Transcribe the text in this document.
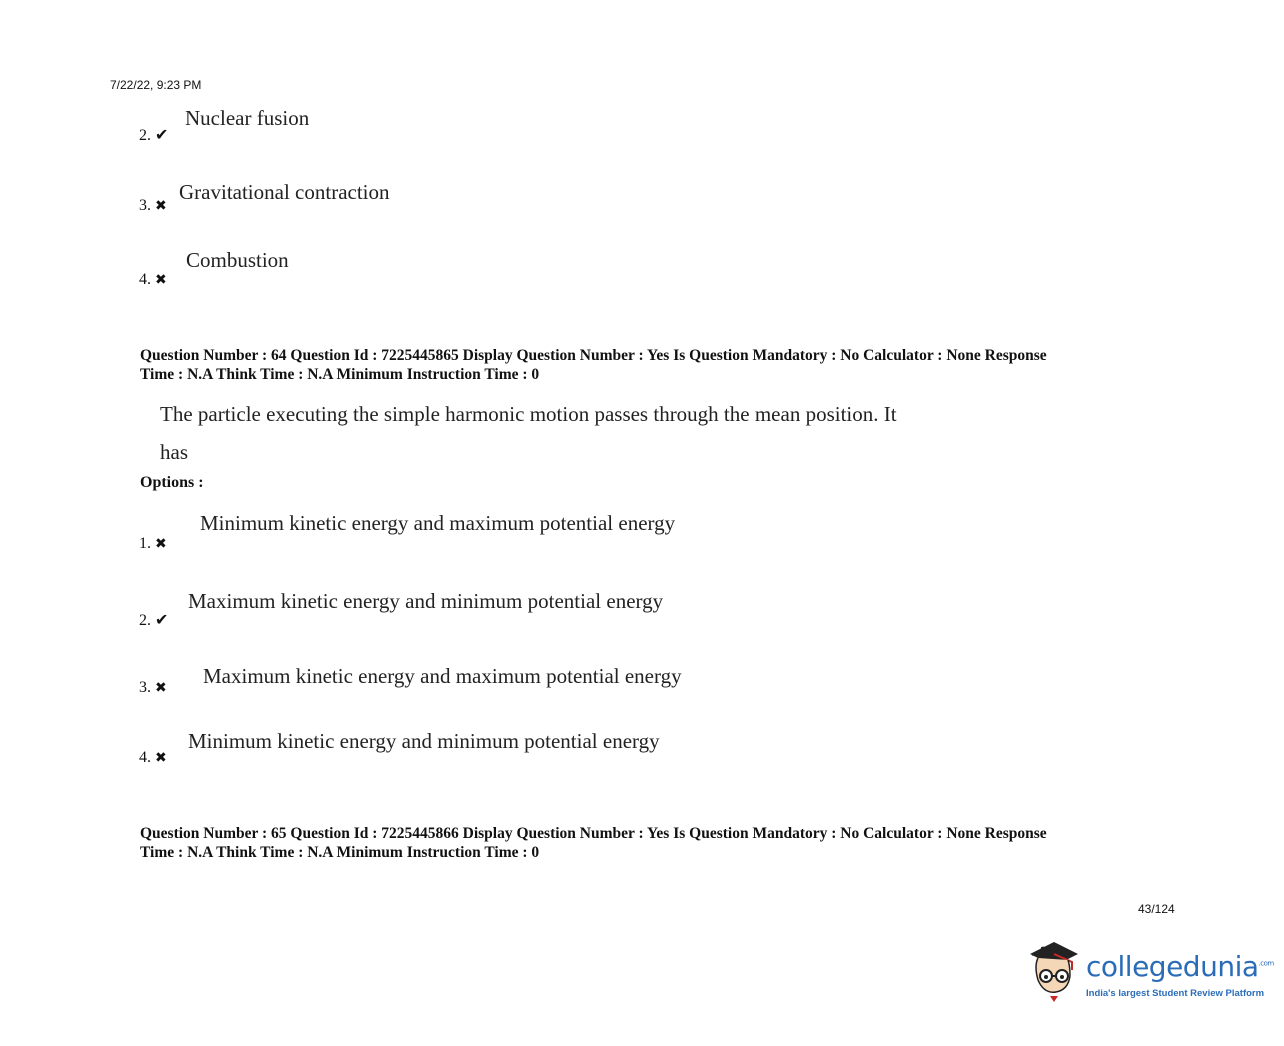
7/22/22, 9:23 PM
Nuclear fusion
2. ✔
Gravitational contraction
3. ✖
Combustion
4. ✖
Question Number : 64 Question Id : 7225445865 Display Question Number : Yes Is Question Mandatory : No Calculator : None Response
Time : N.A Think Time : N.A Minimum Instruction Time : 0
The particle executing the simple harmonic motion passes through the mean position. It
has
Options :
Minimum kinetic energy and maximum potential energy
1. ✖
Maximum kinetic energy and minimum potential energy
2. ✔
Maximum kinetic energy and maximum potential energy
3. ✖
Minimum kinetic energy and minimum potential energy
4. ✖
Question Number : 65 Question Id : 7225445866 Display Question Number : Yes Is Question Mandatory : No Calculator : None Response
Time : N.A Think Time : N.A Minimum Instruction Time : 0
43/124
collegedunia$^{.com}$
India's largest Student Review Platform
